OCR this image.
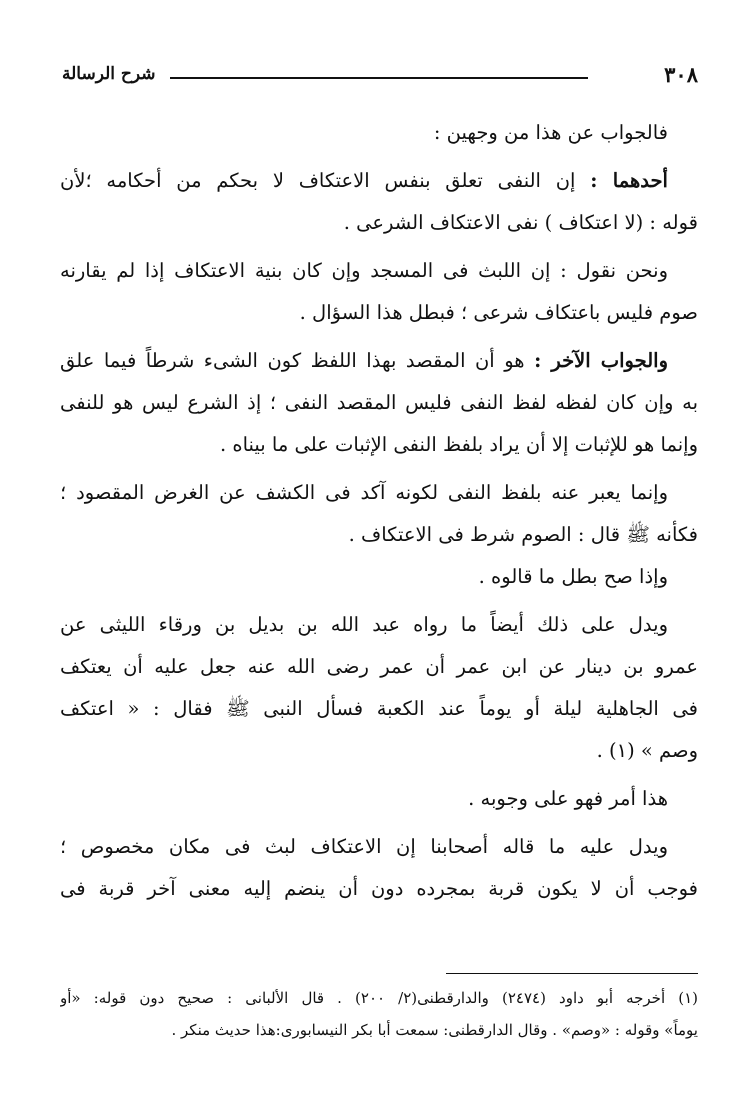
٣٠٨
شرح الرسالة
فالجواب عن هذا من وجهين :
أحدهما : إن النفى تعلق بنفس الاعتكاف لا بحكم من أحكامه ؛لأن
قوله : (لا اعتكاف ) نفى الاعتكاف الشرعى .
ونحن نقول : إن اللبث فى المسجد وإن كان بنية الاعتكاف إذا لم يقارنه
صوم فليس باعتكاف شرعى ؛ فبطل هذا السؤال .
والجواب الآخر : هو أن المقصد بهذا اللفظ كون الشىء شرطاً فيما علق
به وإن كان لفظه لفظ النفى فليس المقصد النفى ؛ إذ الشرع ليس هو للنفى
وإنما هو للإثبات إلا أن يراد بلفظ النفى الإثبات على ما بيناه .
وإنما يعبر عنه بلفظ النفى لكونه آكد فى الكشف عن الغرض المقصود ؛
فكأنه ﷺ قال : الصوم شرط فى الاعتكاف .
وإذا صح بطل ما قالوه .
ويدل على ذلك أيضاً ما رواه عبد الله بن بديل بن ورقاء الليثى عن
عمرو بن دينار عن ابن عمر أن عمر رضى الله عنه جعل عليه أن يعتكف
فى الجاهلية ليلة أو يوماً عند الكعبة فسأل النبى ﷺ فقال : « اعتكف
وصم » (١) .
هذا أمر فهو على وجوبه .
ويدل عليه ما قاله أصحابنا إن الاعتكاف لبث فى مكان مخصوص ؛
فوجب أن لا يكون قربة بمجرده دون أن ينضم إليه معنى آخر قربة فى
(١) أخرجه أبو داود (٢٤٧٤) والدارقطنى(٢/ ٢٠٠) . قال الألبانى : صحيح دون قوله: «أو
يوماً» وقوله : «وصم» . وقال الدارقطنى: سمعت أبا بكر النيسابورى:هذا حديث منكر .
